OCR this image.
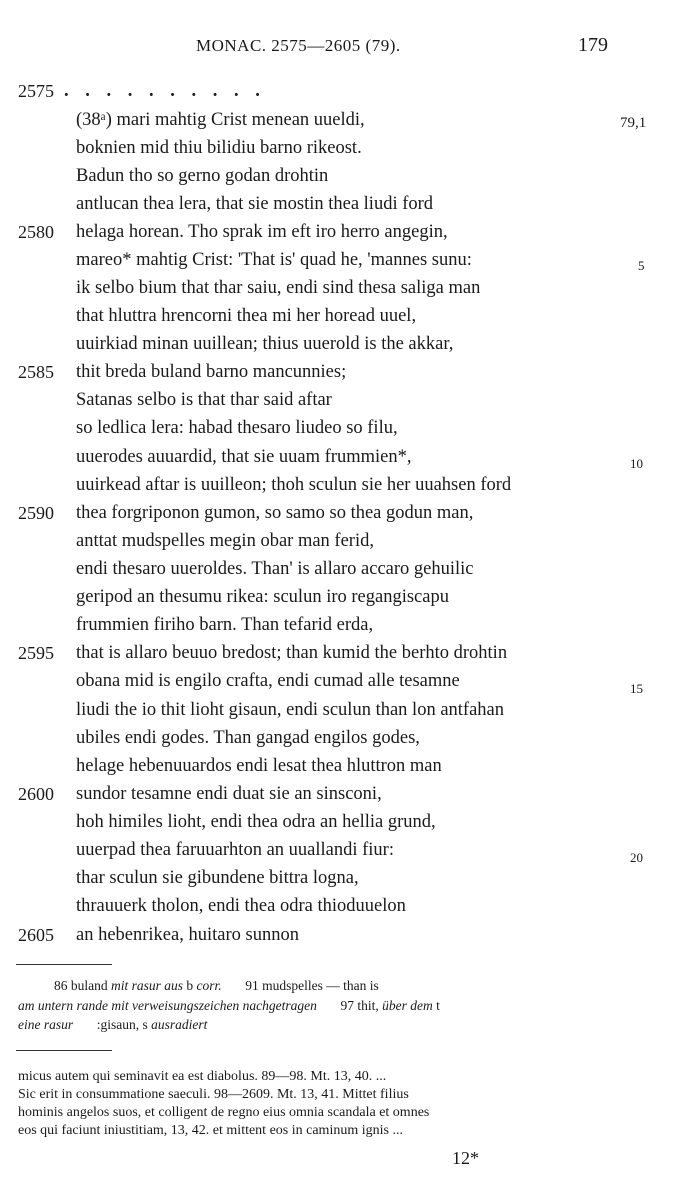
MONAC. 2575—2605 (79).	179
2575
2580
2585
2590
2595
2600
2605
79,1
5
10
15
20
. . . . . . . . . .
(38ᵃ) mari mahtig Crist menean uueldi,
boknien mid thiu bilidiu barno rikeost.
Badun tho so gerno godan drohtin
antlucan thea lera, that sie mostin thea liudi ford
helaga horean. Tho sprak im eft iro herro angegin,
mareo* mahtig Crist: 'That is' quad he, 'mannes sunu:
ik selbo bium that thar saiu, endi sind thesa saliga man
that hluttra hrencorni thea mi her horead uuel,
uuirkiad minan uuillean; thius uuerold is the akkar,
thit breda buland barno mancunnies;
Satanas selbo is that thar said aftar
so ledlica lera: habad thesaro liudeo so filu,
uuerodes auuardid, that sie uuam frummien*,
uuirkead aftar is uuilleon; thoh sculun sie her uuahsen ford
thea forgriponon gumon, so samo so thea godun man,
anttat mudspelles megin obar man ferid,
endi thesaro uueroldes. Than' is allaro accaro gehuilic
geripod an thesumu rikea: sculun iro regangiscapu
frummien firiho barn. Than tefarid erda,
that is allaro beuuo bredost; than kumid the berhto drohtin
obana mid is engilo crafta, endi cumad alle tesamne
liudi the io thit lioht gisaun, endi sculun than lon antfahan
ubiles endi godes. Than gangad engilos godes,
helage hebenuuardos endi lesat thea hluttron man
sundor tesamne endi duat sie an sinsconi,
hoh himiles lioht, endi thea odra an hellia grund,
uuerpad thea faruuarhton an uuallandi fiur:
thar sculun sie gibundene bittra logna,
thrauuerk tholon, endi thea odra thioduuelon
an hebenrikea, huitaro sunnon
86 buland mit rasur aus b corr. 91 mudspelles — than is
am untern rande mit verweisungszeichen nachgetragen 97 thit, über dem t
eine rasur :gisaun, s ausradiert
micus autem qui seminavit ea est diabolus. 89—98. Mt. 13, 40. ...
Sic erit in consummatione saeculi. 98—2609. Mt. 13, 41. Mittet filius
hominis angelos suos, et colligent de regno eius omnia scandala et omnes
eos qui faciunt iniustitiam, 13, 42. et mittent eos in caminum ignis ...
12*
